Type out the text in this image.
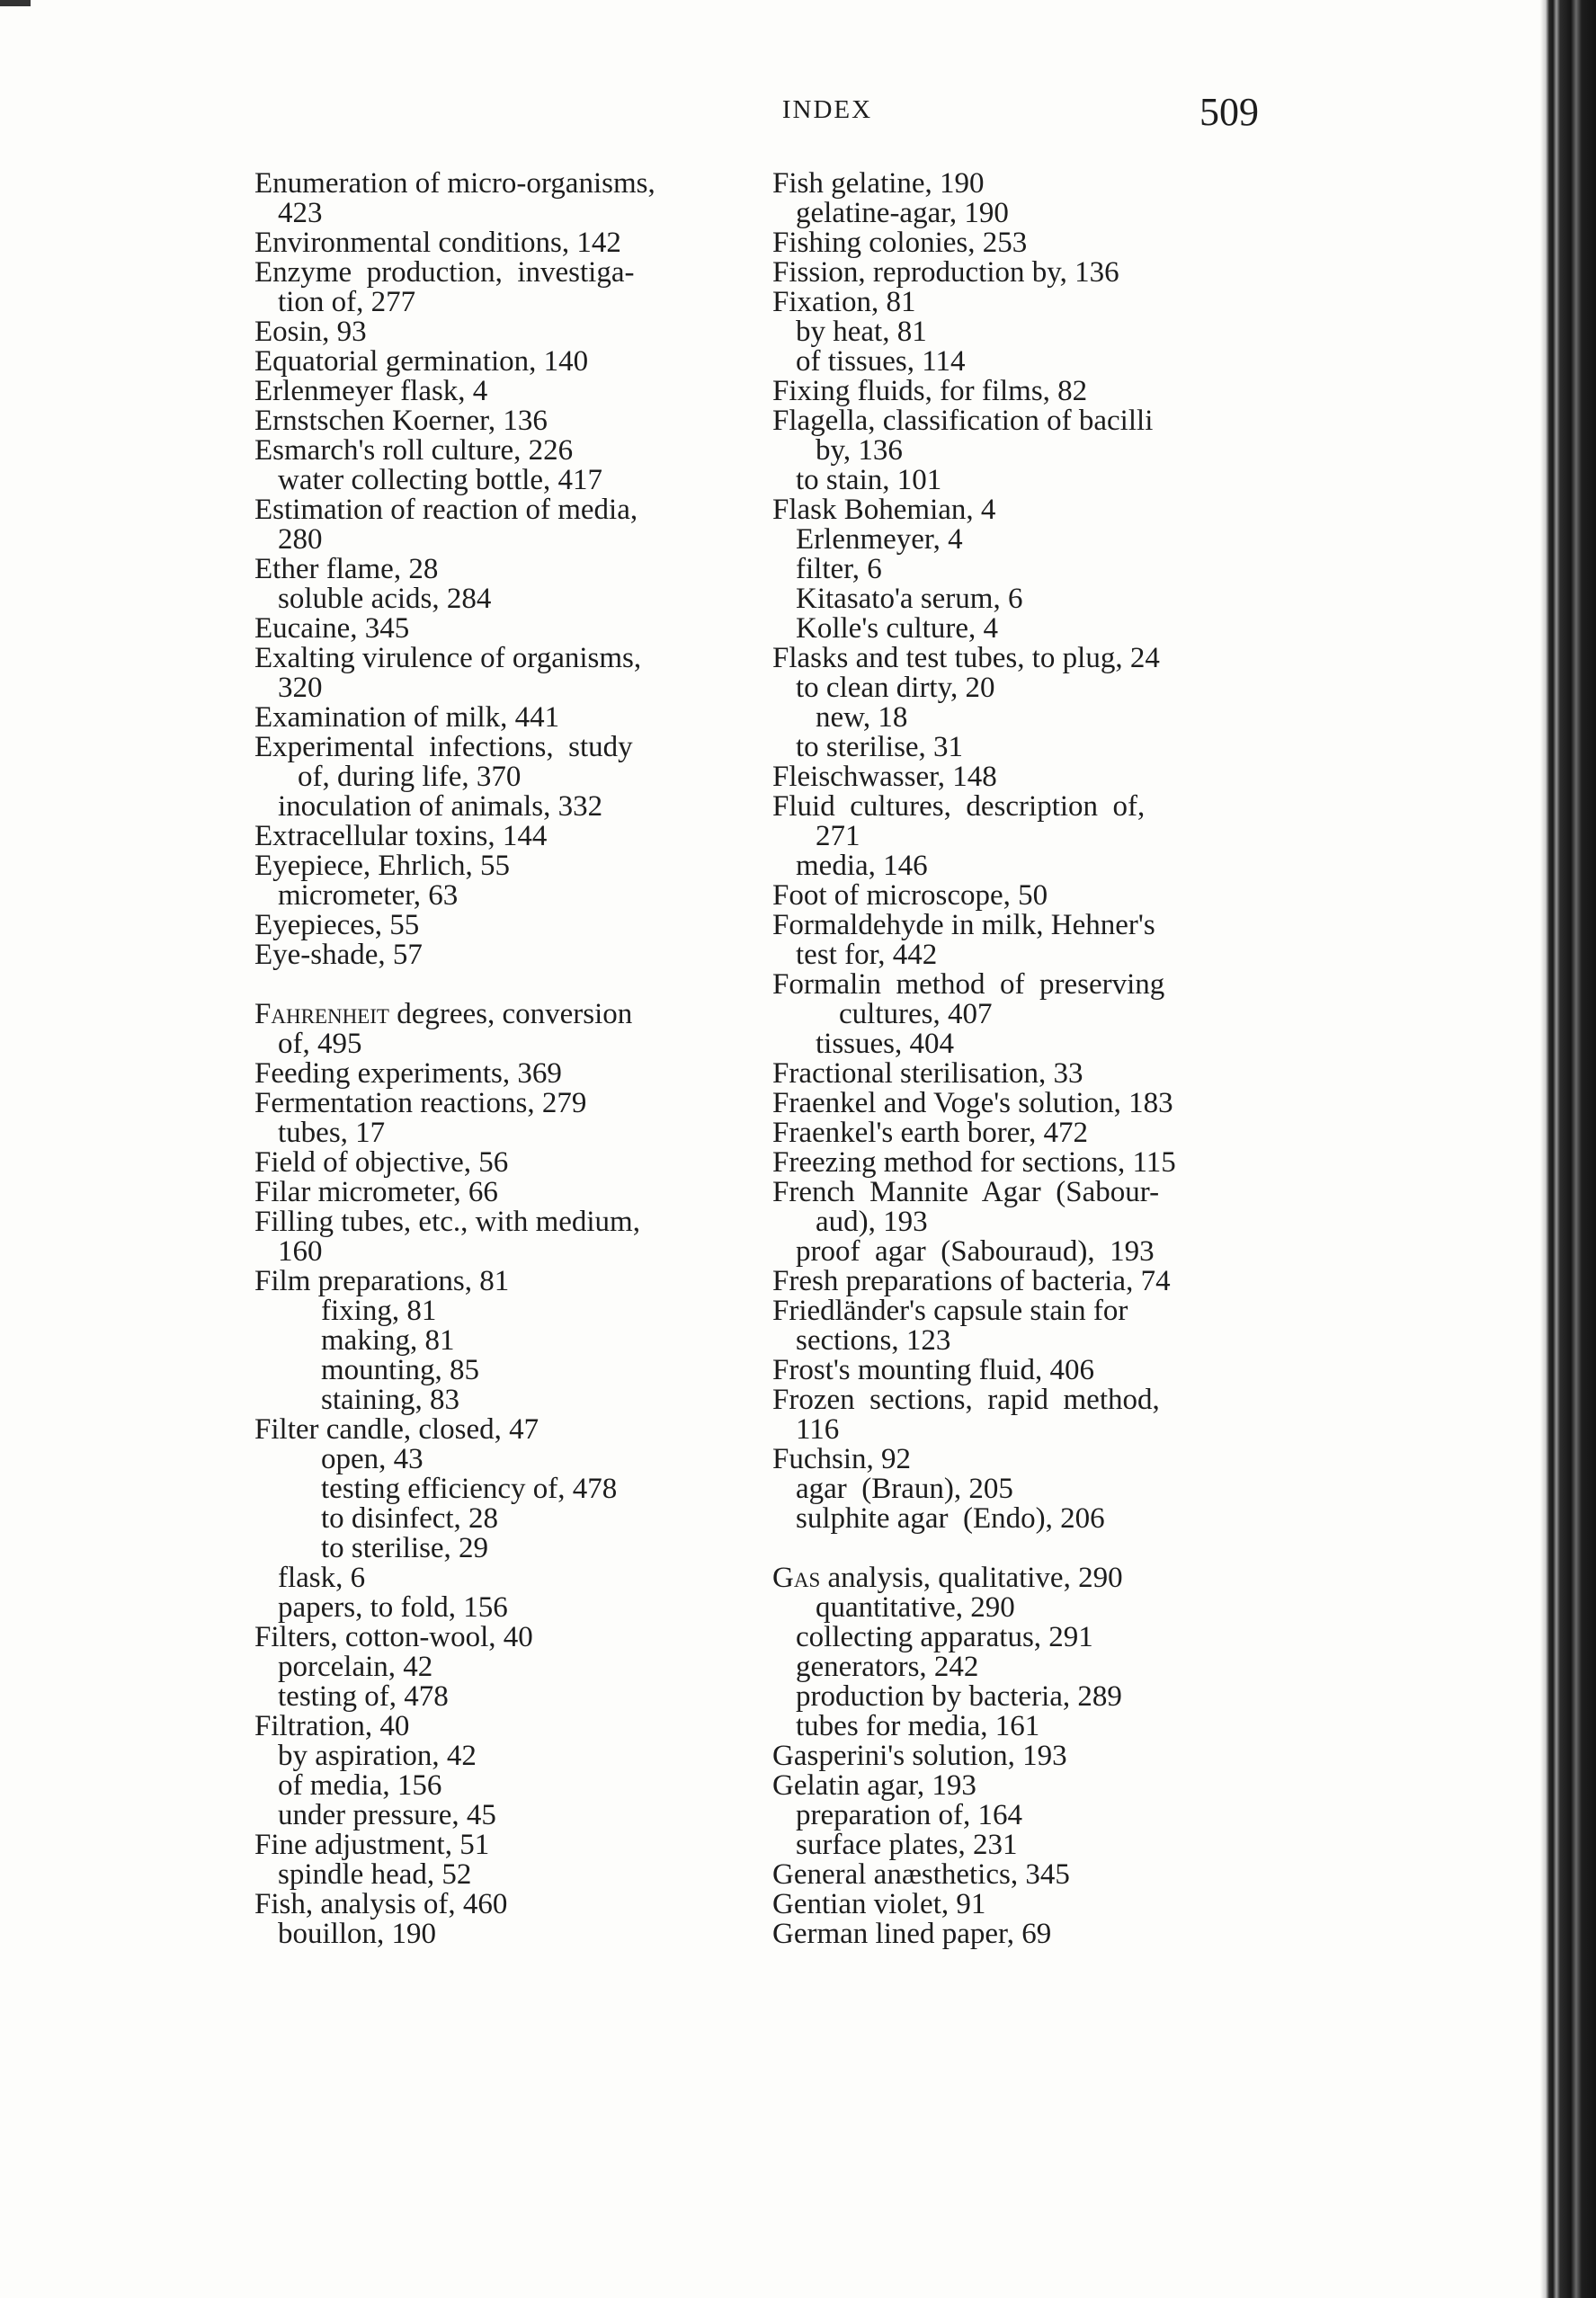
INDEX	509
Enumeration of micro-organisms,
423
Environmental conditions, 142
Enzyme  production,  investiga-
tion of, 277
Eosin, 93
Equatorial germination, 140
Erlenmeyer flask, 4
Ernstschen Koerner, 136
Esmarch's roll culture, 226
water collecting bottle, 417
Estimation of reaction of media,
280
Ether flame, 28
soluble acids, 284
Eucaine, 345
Exalting virulence of organisms,
320
Examination of milk, 441
Experimental  infections,  study
of, during life, 370
inoculation of animals, 332
Extracellular toxins, 144
Eyepiece, Ehrlich, 55
micrometer, 63
Eyepieces, 55
Eye-shade, 57
Fahrenheit degrees, conversion
of, 495
Feeding experiments, 369
Fermentation reactions, 279
tubes, 17
Field of objective, 56
Filar micrometer, 66
Filling tubes, etc., with medium,
160
Film preparations, 81
fixing, 81
making, 81
mounting, 85
staining, 83
Filter candle, closed, 47
open, 43
testing efficiency of, 478
to disinfect, 28
to sterilise, 29
flask, 6
papers, to fold, 156
Filters, cotton-wool, 40
porcelain, 42
testing of, 478
Filtration, 40
by aspiration, 42
of media, 156
under pressure, 45
Fine adjustment, 51
spindle head, 52
Fish, analysis of, 460
bouillon, 190
Fish gelatine, 190
gelatine-agar, 190
Fishing colonies, 253
Fission, reproduction by, 136
Fixation, 81
by heat, 81
of tissues, 114
Fixing fluids, for films, 82
Flagella, classification of bacilli
by, 136
to stain, 101
Flask Bohemian, 4
Erlenmeyer, 4
filter, 6
Kitasato'a serum, 6
Kolle's culture, 4
Flasks and test tubes, to plug, 24
to clean dirty, 20
new, 18
to sterilise, 31
Fleischwasser, 148
Fluid  cultures,  description  of,
271
media, 146
Foot of microscope, 50
Formaldehyde in milk, Hehner's
test for, 442
Formalin  method  of  preserving
cultures, 407
tissues, 404
Fractional sterilisation, 33
Fraenkel and Voge's solution, 183
Fraenkel's earth borer, 472
Freezing method for sections, 115
French  Mannite  Agar  (Sabour-
aud), 193
proof  agar  (Sabouraud),  193
Fresh preparations of bacteria, 74
Friedländer's capsule stain for
sections, 123
Frost's mounting fluid, 406
Frozen  sections,  rapid  method,
116
Fuchsin, 92
agar  (Braun), 205
sulphite agar  (Endo), 206
Gas analysis, qualitative, 290
quantitative, 290
collecting apparatus, 291
generators, 242
production by bacteria, 289
tubes for media, 161
Gasperini's solution, 193
Gelatin agar, 193
preparation of, 164
surface plates, 231
General anæsthetics, 345
Gentian violet, 91
German lined paper, 69
